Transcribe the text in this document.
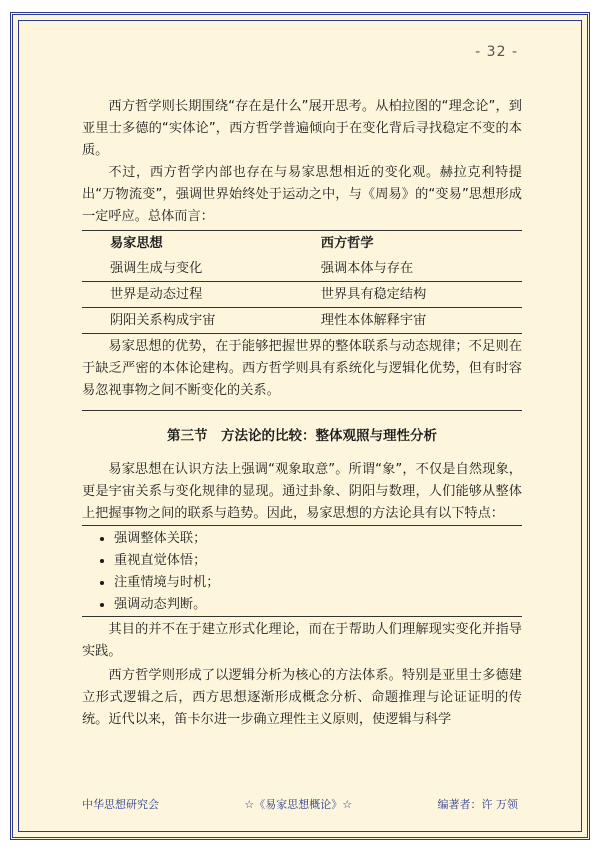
- 32 -

西方哲学则长期围绕“存在是什么”展开思考。从柏拉图的“理念论”，到亚里士多德的“实体论”，西方哲学普遍倾向于在变化背后寻找稳定不变的本质。

不过，西方哲学内部也存在与易家思想相近的变化观。赫拉克利特提出“万物流变”，强调世界始终处于运动之中，与《周易》的“变易”思想形成一定呼应。总体而言：

易家思想	西方哲学
强调生成与变化	强调本体与存在
世界是动态过程	世界具有稳定结构
阴阳关系构成宇宙	理性本体解释宇宙

易家思想的优势，在于能够把握世界的整体联系与动态规律；不足则在于缺乏严密的本体论建构。西方哲学则具有系统化与逻辑化优势，但有时容易忽视事物之间不断变化的关系。

第三节　方法论的比较：整体观照与理性分析

易家思想在认识方法上强调“观象取意”。所谓“象”，不仅是自然现象，更是宇宙关系与变化规律的显现。通过卦象、阴阳与数理，人们能够从整体上把握事物之间的联系与趋势。因此，易家思想的方法论具有以下特点：

• 强调整体关联；
• 重视直觉体悟；
• 注重情境与时机；
• 强调动态判断。

其目的并不在于建立形式化理论，而在于帮助人们理解现实变化并指导实践。

西方哲学则形成了以逻辑分析为核心的方法体系。特别是亚里士多德建立形式逻辑之后，西方思想逐渐形成概念分析、命题推理与论证证明的传统。近代以来，笛卡尔进一步确立理性主义原则，使逻辑与科学

中华思想研究会	☆《易家思想概论》☆	编著者：许 万领
